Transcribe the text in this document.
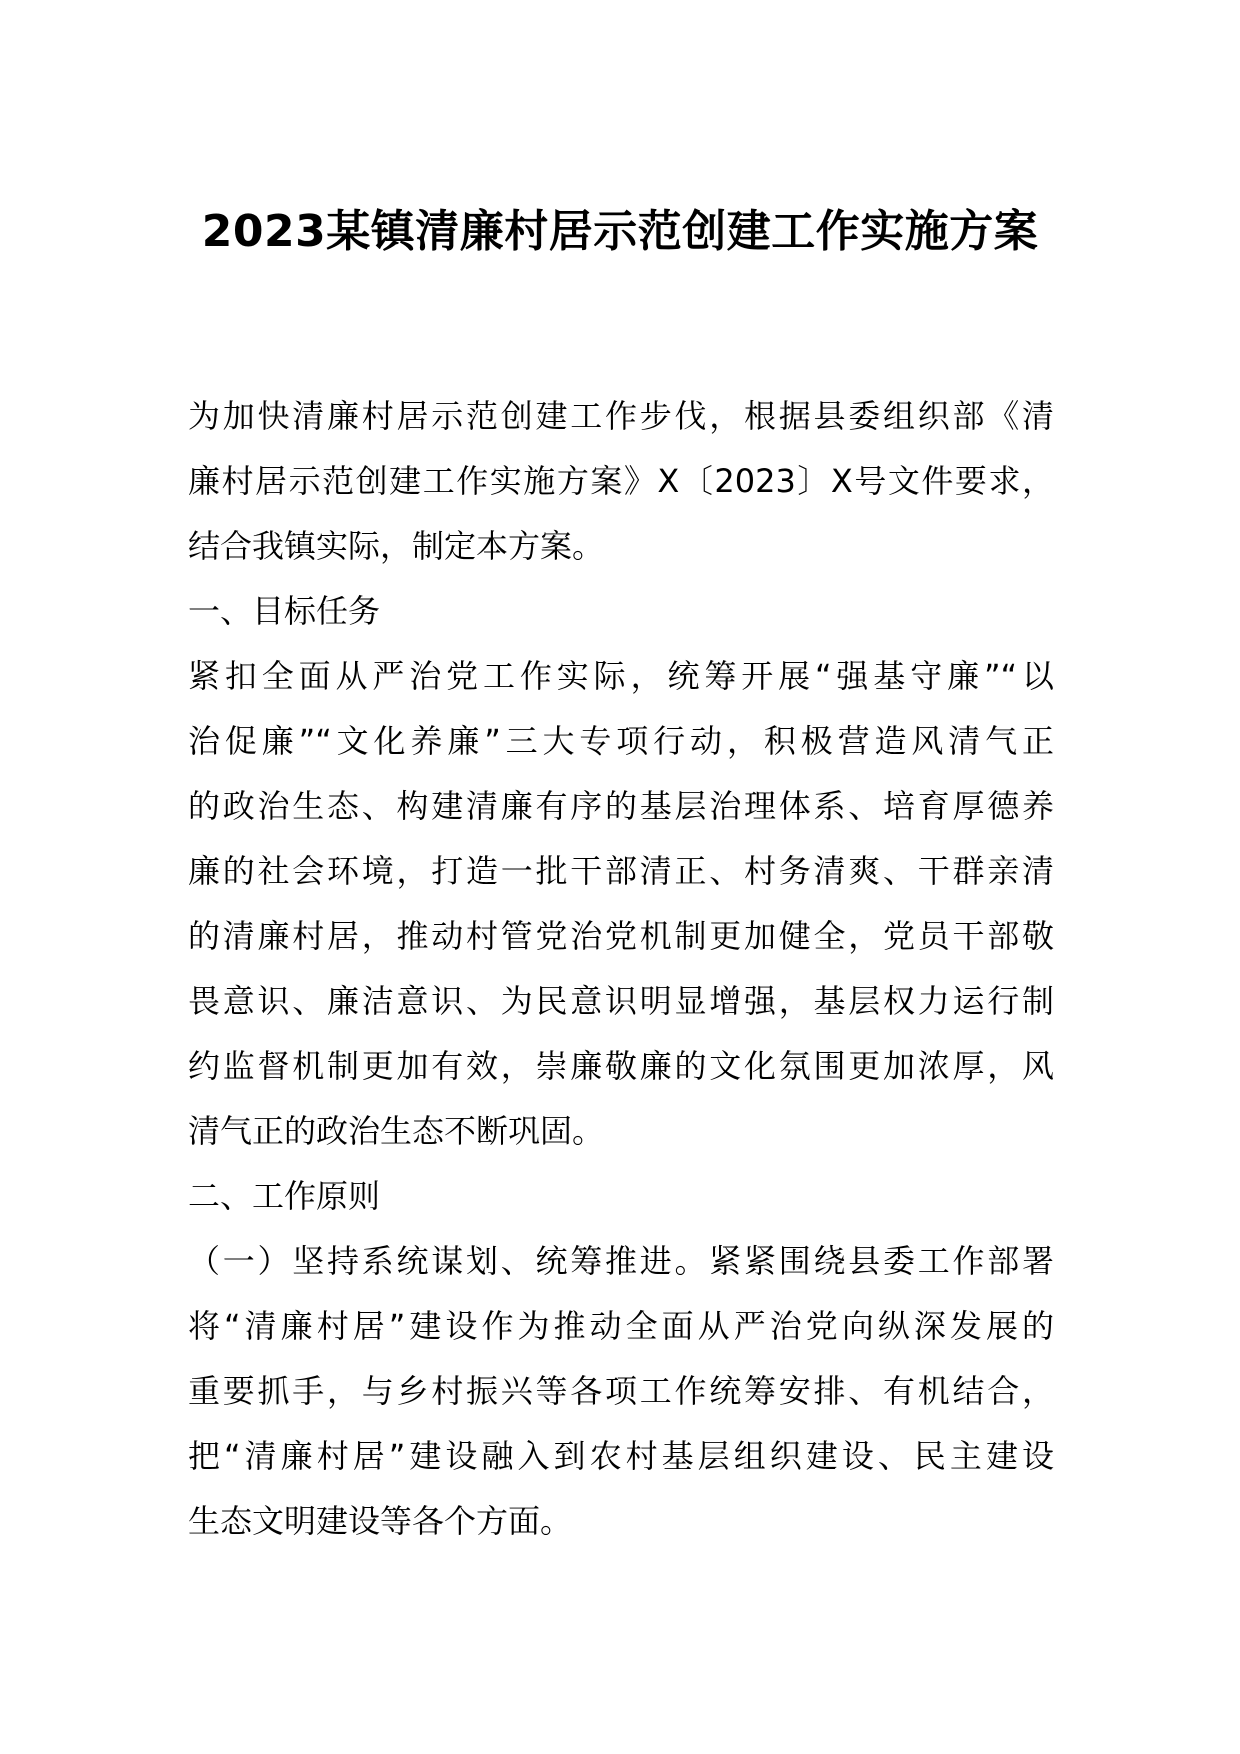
2023某镇清廉村居示范创建工作实施方案
为加快清廉村居示范创建工作步伐，根据县委组织部《清
廉村居示范创建工作实施方案》X〔2023〕X号文件要求，
结合我镇实际，制定本方案。
一、目标任务
紧扣全面从严治党工作实际，统筹开展“强基守廉”“以
治促廉”“文化养廉”三大专项行动，积极营造风清气正
的政治生态、构建清廉有序的基层治理体系、培育厚德养
廉的社会环境，打造一批干部清正、村务清爽、干群亲清
的清廉村居，推动村管党治党机制更加健全，党员干部敬
畏意识、廉洁意识、为民意识明显增强，基层权力运行制
约监督机制更加有效，崇廉敬廉的文化氛围更加浓厚，风
清气正的政治生态不断巩固。
二、工作原则
（一）坚持系统谋划、统筹推进。紧紧围绕县委工作部署
将“清廉村居”建设作为推动全面从严治党向纵深发展的
重要抓手，与乡村振兴等各项工作统筹安排、有机结合，
把“清廉村居”建设融入到农村基层组织建设、民主建设
生态文明建设等各个方面。
